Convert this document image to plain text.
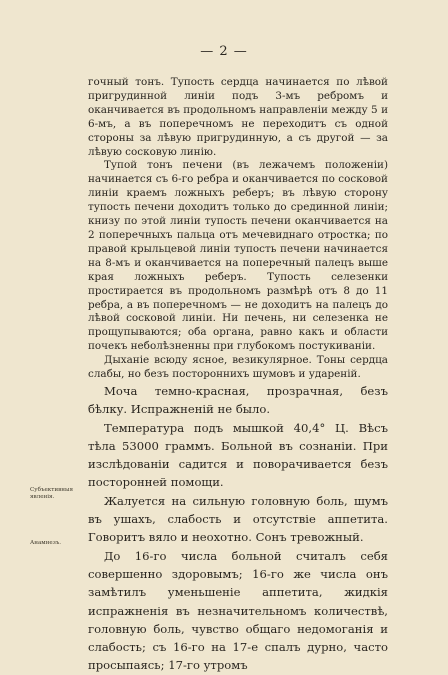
— 2 —
Субъективныя явленія.
Анамнезъ.

гочный тонъ. Тупость сердца начинается по лѣвой пригрудинной линіи подъ 3-мъ ребромъ и оканчивается въ продольномъ направленіи между 5 и 6-мъ, а въ поперечномъ не переходитъ съ одной стороны за лѣвую пригрудинную, а съ другой — за лѣвую сосковую линію.

Тупой тонъ печени (въ лежачемъ положеніи) начинается съ 6-го ребра и оканчивается по сосковой линіи краемъ ложныхъ реберъ; въ лѣвую сторону тупость печени доходитъ только до срединной линіи; книзу по этой линіи тупость печени оканчивается на 2 поперечныхъ пальца отъ мечевиднаго отростка; по правой крыльцевой линіи тупость печени начинается на 8-мъ и оканчивается на поперечный палецъ выше края ложныхъ реберъ. Тупость селезенки простирается въ продольномъ размѣрѣ отъ 8 до 11 ребра, а въ поперечномъ — не доходитъ на палецъ до лѣвой сосковой линіи. Ни печень, ни селезенка не прощупываются; оба органа, равно какъ и области почекъ неболѣзненны при глубокомъ постукиваніи.

Дыханіе всюду ясное, везикулярное. Тоны сердца слабы, но безъ постороннихъ шумовъ и удареній.

Моча темно-красная, прозрачная, безъ бѣлку. Испражненій не было.

Температура подъ мышкой 40,4° Ц. Вѣсъ тѣла 53000 граммъ. Больной въ сознаніи. При изслѣдованіи садится и поворачивается безъ посторонней помощи.

Жалуется на сильную головную боль, шумъ въ ушахъ, слабость и отсутствіе аппетита. Говоритъ вяло и неохотно. Сонъ тревожный.

До 16-го числа больной считалъ себя совершенно здоровымъ; 16-го же числа онъ замѣтилъ уменьшеніе аппетита, жидкія испражненія въ незначительномъ количествѣ, головную боль, чувство общаго недомоганія и слабость; съ 16-го на 17-е спалъ дурно, часто просыпаясь; 17-го утромъ
